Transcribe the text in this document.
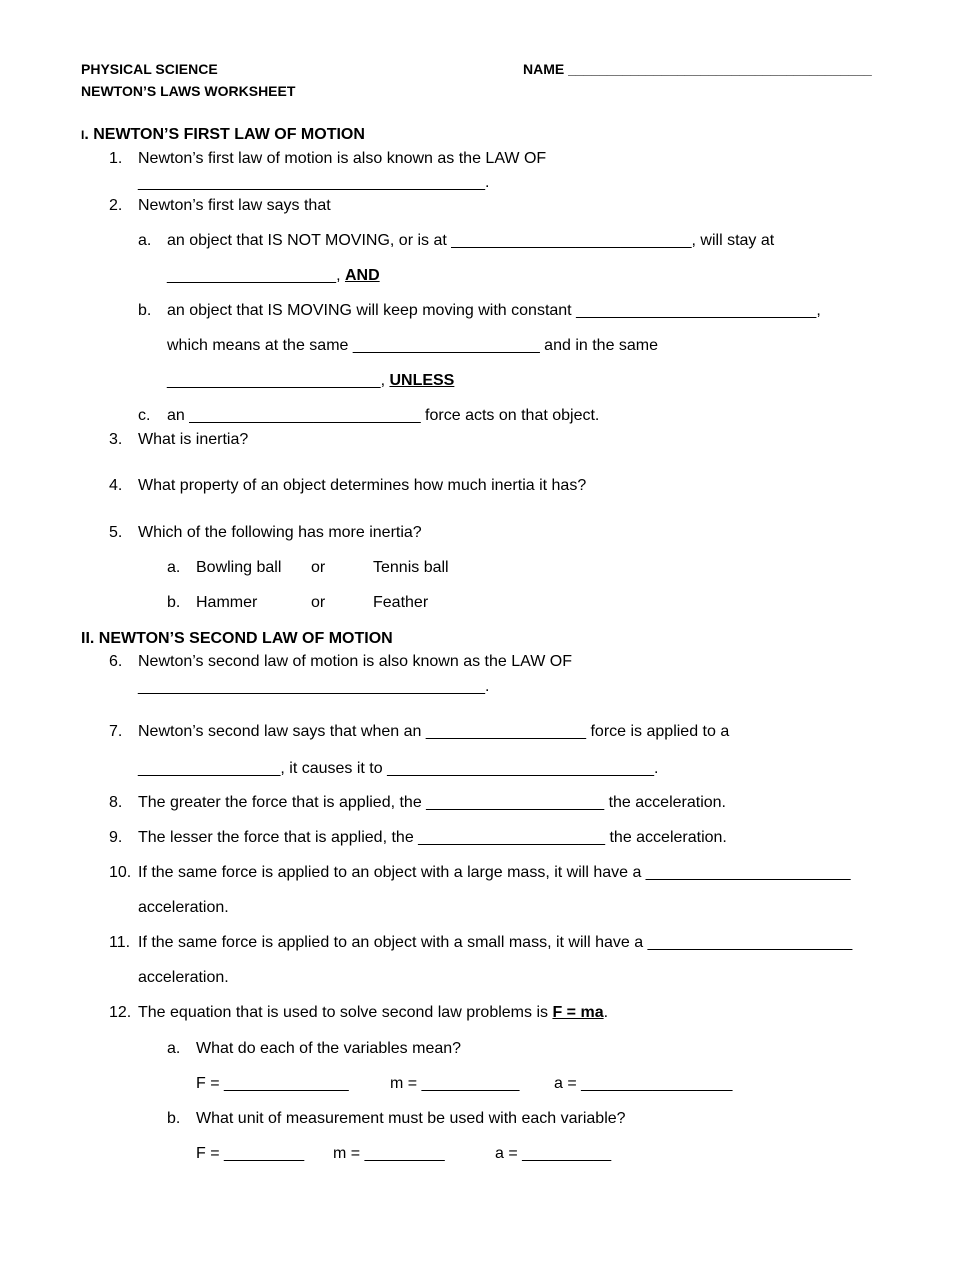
PHYSICAL SCIENCE	NAME _______________________________________
NEWTON’S LAWS WORKSHEET
I. NEWTON’S FIRST LAW OF MOTION
1. Newton’s first law of motion is also known as the LAW OF
_______________________________________.
2. Newton’s first law says that
a. an object that IS NOT MOVING, or is at ___________________________, will stay at
___________________, AND
b. an object that IS MOVING will keep moving with constant ___________________________,
which means at the same _____________________ and in the same
________________________, UNLESS
c. an __________________________ force acts on that object.
3. What is inertia?
4. What property of an object determines how much inertia it has?
5. Which of the following has more inertia?
a. Bowling ball or	Tennis ball
b. Hammer	or	Feather
II. NEWTON’S SECOND LAW OF MOTION
6. Newton’s second law of motion is also known as the LAW OF
_______________________________________.
7. Newton’s second law says that when an __________________ force is applied to a
________________, it causes it to ______________________________.
8. The greater the force that is applied, the ____________________ the acceleration.
9. The lesser the force that is applied, the _____________________ the acceleration.
10. If the same force is applied to an object with a large mass, it will have a _______________________
acceleration.
11. If the same force is applied to an object with a small mass, it will have a _______________________
acceleration.
12. The equation that is used to solve second law problems is F = ma.
a. What do each of the variables mean?
F = ______________	m = ___________ a = _________________
b. What unit of measurement must be used with each variable?
F = _________ m = _________	a = __________
